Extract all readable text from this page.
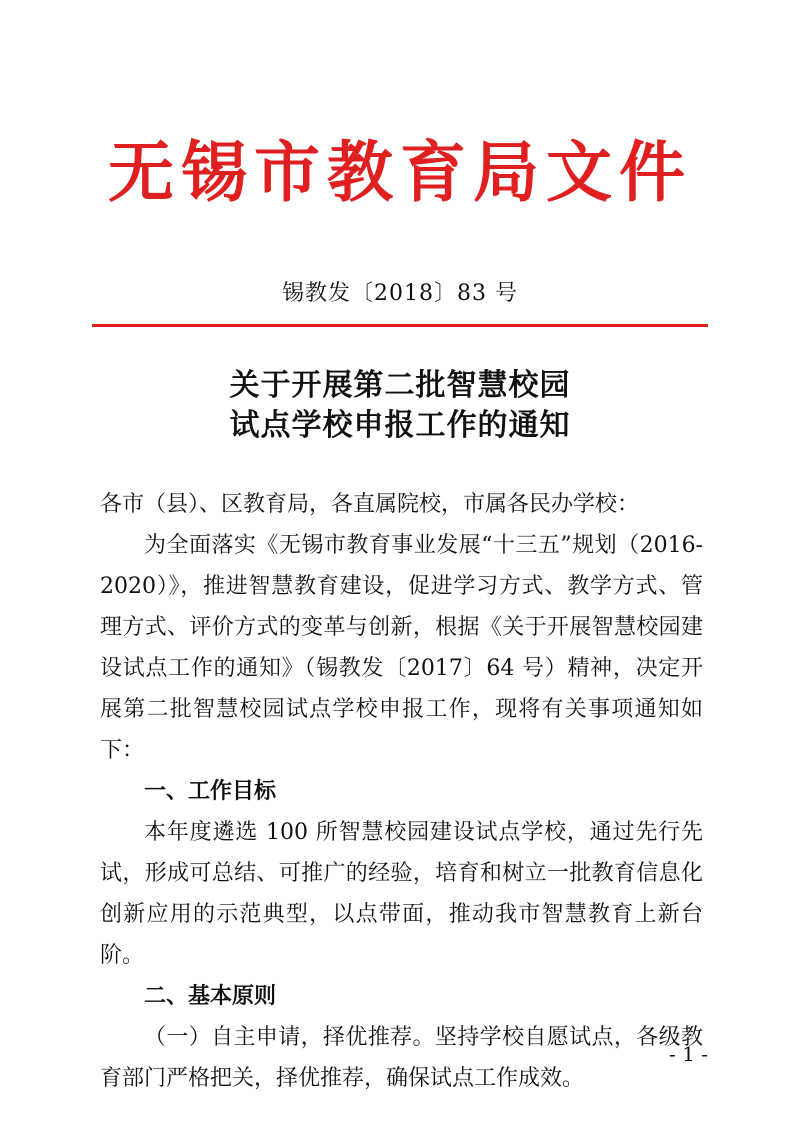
无锡市教育局文件
锡教发〔2018〕83 号
关于开展第二批智慧校园
试点学校申报工作的通知

各市（县）、区教育局，各直属院校，市属各民办学校：

为全面落实《无锡市教育事业发展“十三五”规划（2016-2020）》，推进智慧教育建设，促进学习方式、教学方式、管理方式、评价方式的变革与创新，根据《关于开展智慧校园建设试点工作的通知》（锡教发〔2017〕64 号）精神，决定开展第二批智慧校园试点学校申报工作，现将有关事项通知如下：

一、工作目标

本年度遴选 100 所智慧校园建设试点学校，通过先行先试，形成可总结、可推广的经验，培育和树立一批教育信息化创新应用的示范典型，以点带面，推动我市智慧教育上新台阶。

二、基本原则

（一）自主申请，择优推荐。坚持学校自愿试点，各级教育部门严格把关，择优推荐，确保试点工作成效。

- 1 -
